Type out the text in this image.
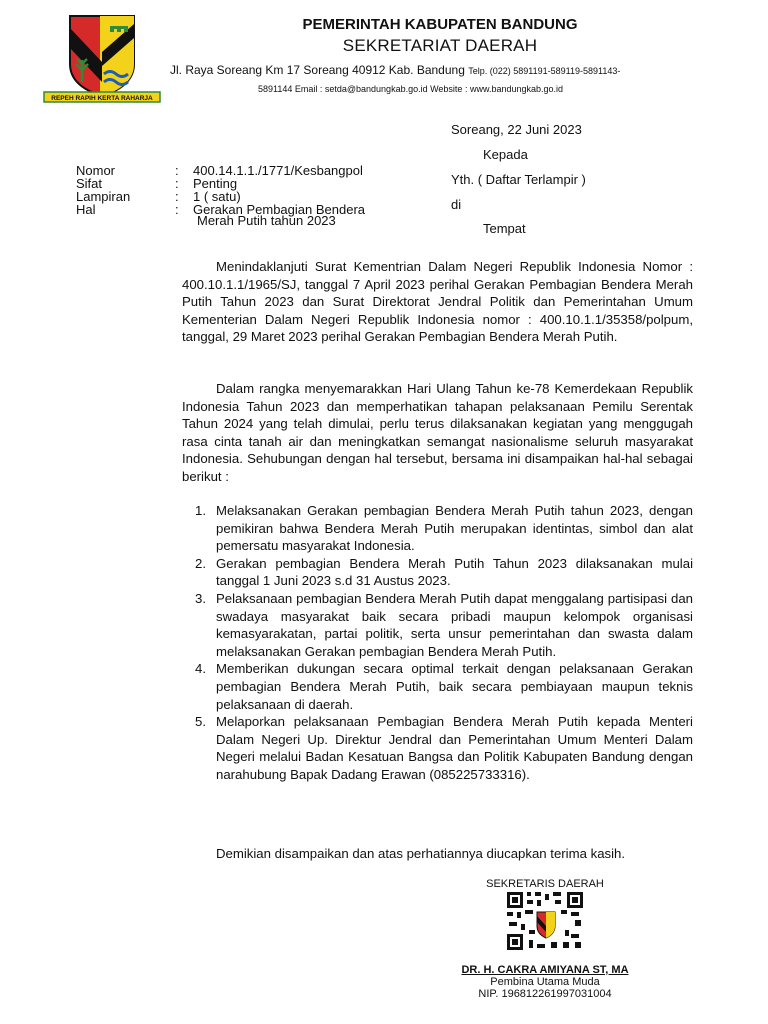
REPEH RAPIH KERTA RAHARJA
PEMERINTAH KABUPATEN BANDUNG
SEKRETARIAT DAERAH
Jl. Raya Soreang Km 17 Soreang 40912 Kab. Bandung Telp. (022) 5891191-589119-5891143-
5891144 Email : setda@bandungkab.go.id Website : www.bandungkab.go.id
Soreang, 22 Juni 2023
Kepada
Yth. ( Daftar Terlampir )
di
Tempat
Nomor	: 400.14.1.1./1771/Kesbangpol
Sifat	: Penting
Lampiran	: 1 ( satu)
Hal	: Gerakan Pembagian Bendera
Merah Putih tahun 2023
Menindaklanjuti Surat Kementrian Dalam Negeri Republik Indonesia Nomor : 400.10.1.1/1965/SJ, tanggal 7 April 2023 perihal Gerakan Pembagian Bendera Merah Putih Tahun 2023 dan Surat Direktorat Jendral Politik dan Pemerintahan Umum Kementerian Dalam Negeri Republik Indonesia nomor : 400.10.1.1/35358/polpum, tanggal, 29 Maret 2023 perihal Gerakan Pembagian Bendera Merah Putih.
Dalam rangka menyemarakkan Hari Ulang Tahun ke-78 Kemerdekaan Republik Indonesia Tahun 2023 dan memperhatikan tahapan pelaksanaan Pemilu Serentak Tahun 2024 yang telah dimulai, perlu terus dilaksanakan kegiatan yang menggugah rasa cinta tanah air dan meningkatkan semangat nasionalisme seluruh masyarakat Indonesia. Sehubungan dengan hal tersebut, bersama ini disampaikan hal-hal sebagai berikut :
1. Melaksanakan Gerakan pembagian Bendera Merah Putih tahun 2023, dengan pemikiran bahwa Bendera Merah Putih merupakan identintas, simbol dan alat pemersatu masyarakat Indonesia.
2. Gerakan pembagian Bendera Merah Putih Tahun 2023 dilaksanakan mulai tanggal 1 Juni 2023 s.d 31 Austus 2023.
3. Pelaksanaan pembagian Bendera Merah Putih dapat menggalang partisipasi dan swadaya masyarakat baik secara pribadi maupun kelompok organisasi kemasyarakatan, partai politik, serta unsur pemerintahan dan swasta dalam melaksanakan Gerakan pembagian Bendera Merah Putih.
4. Memberikan dukungan secara optimal terkait dengan pelaksanaan Gerakan pembagian Bendera Merah Putih, baik secara pembiayaan maupun teknis pelaksanaan di daerah.
5. Melaporkan pelaksanaan Pembagian Bendera Merah Putih kepada Menteri Dalam Negeri Up. Direktur Jendral dan Pemerintahan Umum Menteri Dalam Negeri melalui Badan Kesatuan Bangsa dan Politik Kabupaten Bandung dengan narahubung Bapak Dadang Erawan (085225733316).
Demikian disampaikan dan atas perhatiannya diucapkan terima kasih.
SEKRETARIS DAERAH
DR. H. CAKRA AMIYANA ST, MA
Pembina Utama Muda
NIP. 196812261997031004
